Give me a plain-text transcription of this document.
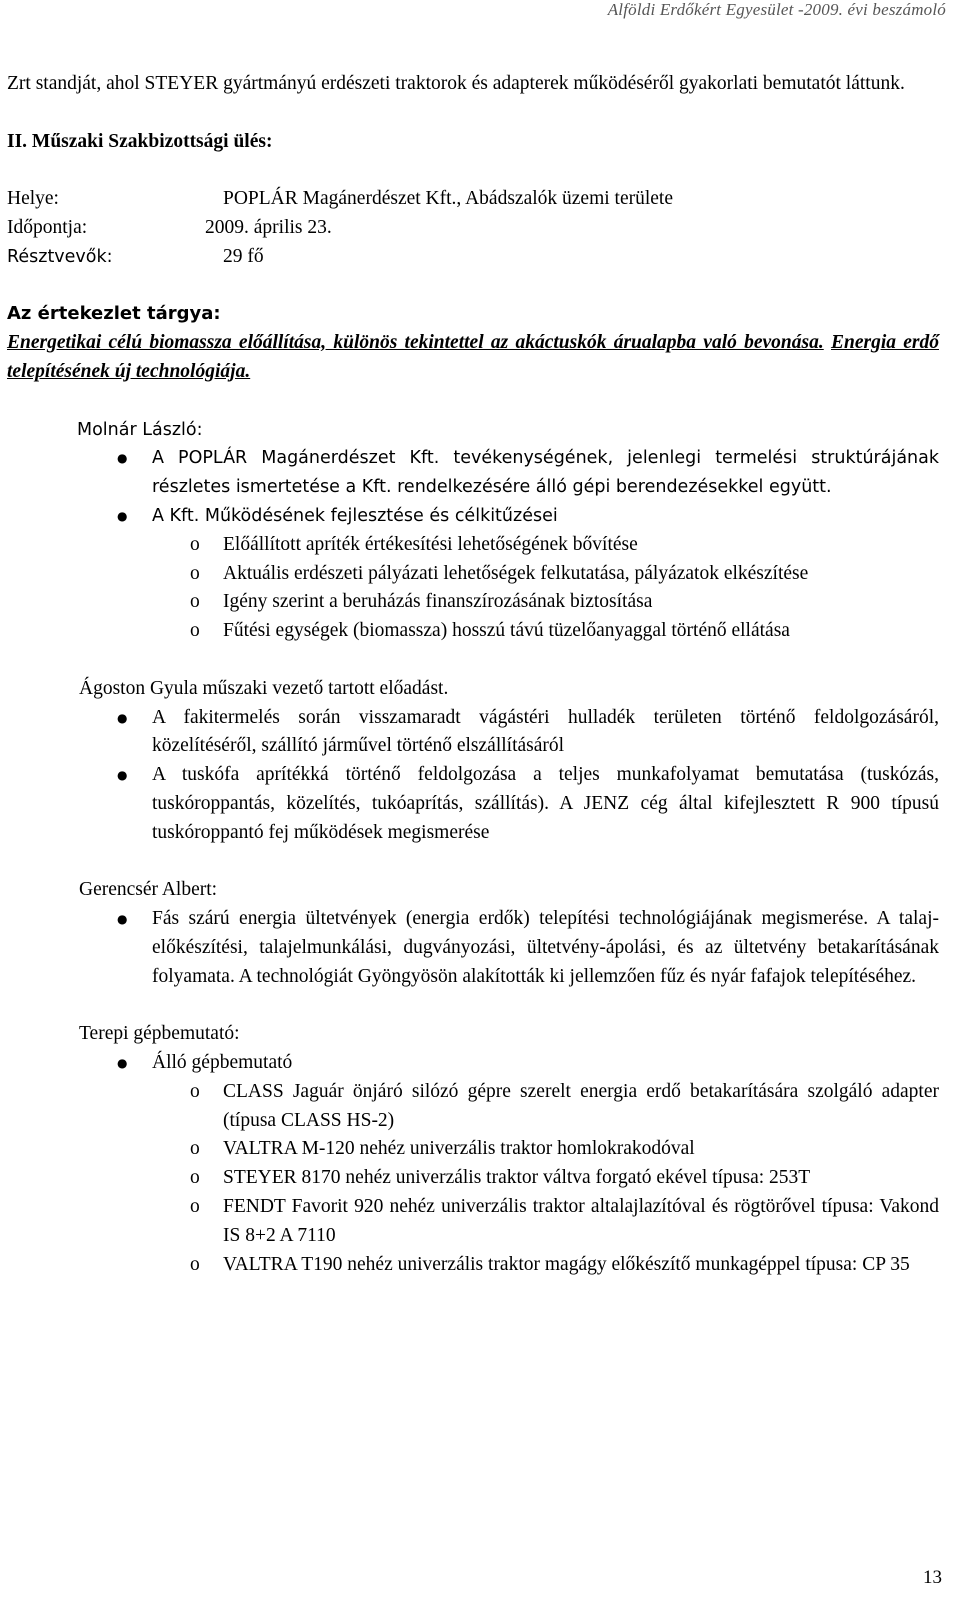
Alföldi Erdőkért Egyesület -2009. évi beszámoló

Zrt standját, ahol STEYER gyártmányú erdészeti traktorok és adapterek működéséről gyakorlati bemutatót láttunk.

II. Műszaki Szakbizottsági ülés:

Helye:	POPLÁR Magánerdészet Kft., Abádszalók üzemi területe
Időpontja:	2009. április 23.
Résztvevők:	29 fő

Az értekezlet tárgya:

Energetikai célú biomassza előállítása, különös tekintettel az akáctuskók árualapba való bevonása. Energia erdő telepítésének új technológiája.

Molnár László:

● A POPLÁR Magánerdészet Kft. tevékenységének, jelenlegi termelési struktúrájának részletes ismertetése a Kft. rendelkezésére álló gépi berendezésekkel együtt.

● A Kft. Működésének fejlesztése és célkitűzései

o Előállított apríték értékesítési lehetőségének bővítése

o Aktuális erdészeti pályázati lehetőségek felkutatása, pályázatok elkészítése

o Igény szerint a beruházás finanszírozásának biztosítása

o Fűtési egységek (biomassza) hosszú távú tüzelőanyaggal történő ellátása

Ágoston Gyula műszaki vezető tartott előadást.

● A fakitermelés során visszamaradt vágástéri hulladék területen történő feldolgozásáról, közelítéséről, szállító járművel történő elszállításáról

● A tuskófa aprítékká történő feldolgozása a teljes munkafolyamat bemutatása (tuskózás, tuskóroppantás, közelítés, tukóaprítás, szállítás). A JENZ cég által kifejlesztett R 900 típusú tuskóroppantó fej működések megismerése

Gerencsér Albert:

● Fás szárú energia ültetvények (energia erdők) telepítési technológiájának megismerése. A talaj-előkészítési, talajelmunkálási, dugványozási, ültetvény-ápolási, és az ültetvény betakarításának folyamata. A technológiát Gyöngyösön alakították ki jellemzően fűz és nyár fafajok telepítéséhez.

Terepi gépbemutató:

● Álló gépbemutató

o CLASS Jaguár önjáró silózó gépre szerelt energia erdő betakarítására szolgáló adapter (típusa CLASS HS-2)

o VALTRA M-120 nehéz univerzális traktor homlokrakodóval

o STEYER 8170 nehéz univerzális traktor váltva forgató ekével típusa: 253T

o FENDT Favorit 920 nehéz univerzális traktor altalajlazítóval és rögtörővel típusa: Vakond IS 8+2 A 7110

o VALTRA T190 nehéz univerzális traktor magágy előkészítő munkagéppel típusa: CP 35

13
